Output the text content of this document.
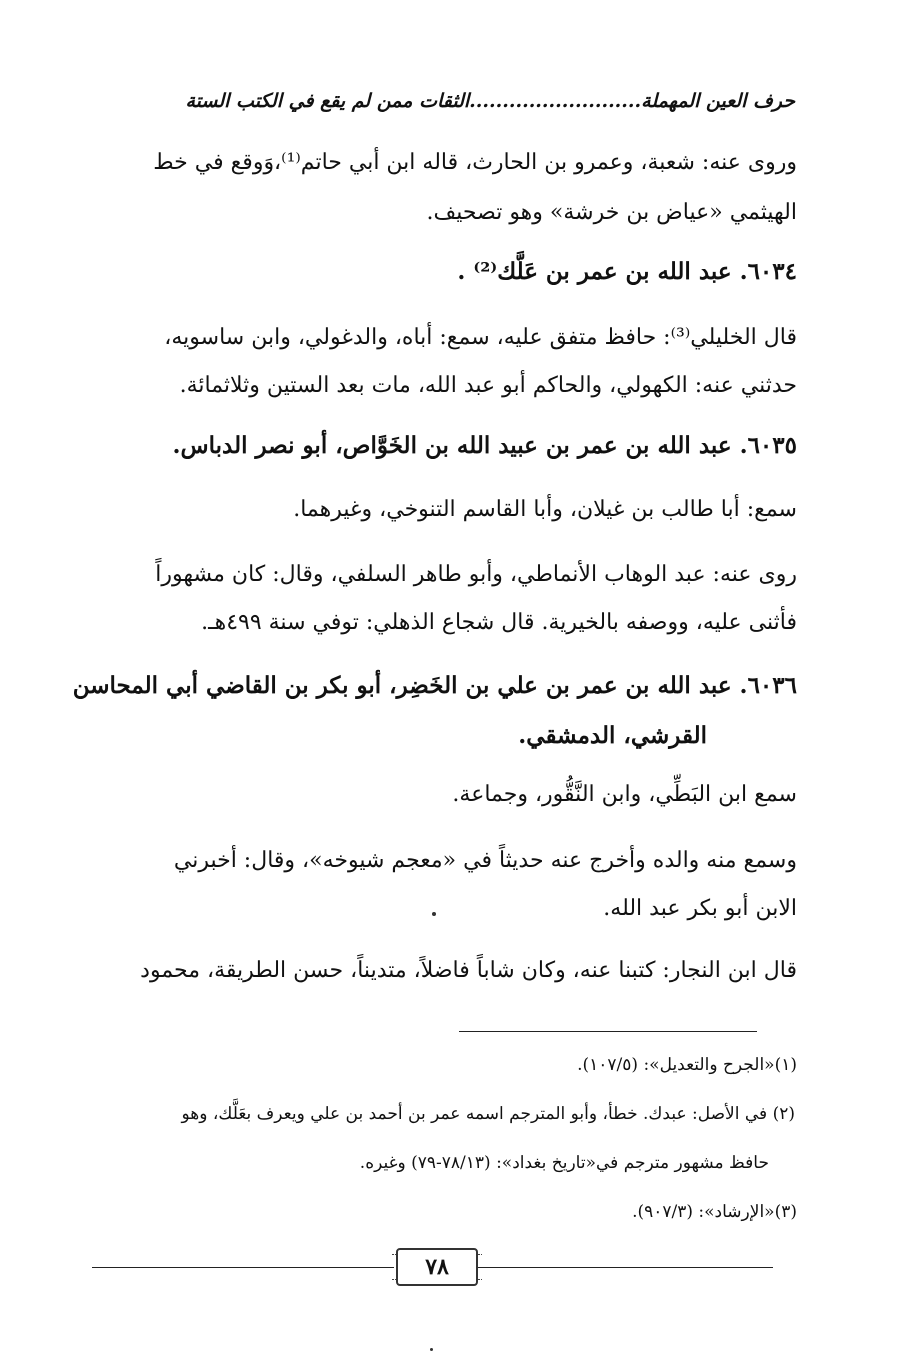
حرف العين المهملة..........................الثقات ممن لم يقع في الكتب الستة
وروى عنه: شعبة، وعمرو بن الحارث، قاله ابن أبي حاتم⁽¹⁾،وَوقع في خط
الهيثمي «عياض بن خرشة» وهو تصحيف.
٦٠٣٤. عبد الله بن عمر بن عَلَّك⁽²⁾ .
قال الخليلي⁽³⁾: حافظ متفق عليه، سمع: أباه، والدغولي، وابن ساسويه،
حدثني عنه: الكهولي، والحاكم أبو عبد الله، مات بعد الستين وثلاثمائة.
٦٠٣٥. عبد الله بن عمر بن عبيد الله بن الخَوَّاص، أبو نصر الدباس.
سمع: أبا طالب بن غيلان، وأبا القاسم التنوخي، وغيرهما.
روى عنه: عبد الوهاب الأنماطي، وأبو طاهر السلفي، وقال: كان مشهوراً
فأثنى عليه، ووصفه بالخيرية. قال شجاع الذهلي: توفي سنة ٤٩٩هـ.
٦٠٣٦. عبد الله بن عمر بن علي بن الخَضِر، أبو بكر بن القاضي أبي المحاسن
القرشي، الدمشقي.
سمع ابن البَطِّي، وابن النَّقُّور، وجماعة.
وسمع منه والده وأخرج عنه حديثاً في «معجم شيوخه»، وقال: أخبرني
الابن أبو بكر عبد الله.
قال ابن النجار: كتبنا عنه، وكان شاباً فاضلاً، متديناً، حسن الطريقة، محمود
(١)«الجرح والتعديل»: (١٠٧/٥).
(٢) في الأصل: عبدك. خطأ، وأبو المترجم اسمه عمر بن أحمد بن علي ويعرف بعَلَّك، وهو
حافظ مشهور مترجم في«تاريخ بغداد»: (٧٨/١٣-٧٩) وغيره.
(٣)«الإرشاد»: (٩٠٧/٣).
٧٨
